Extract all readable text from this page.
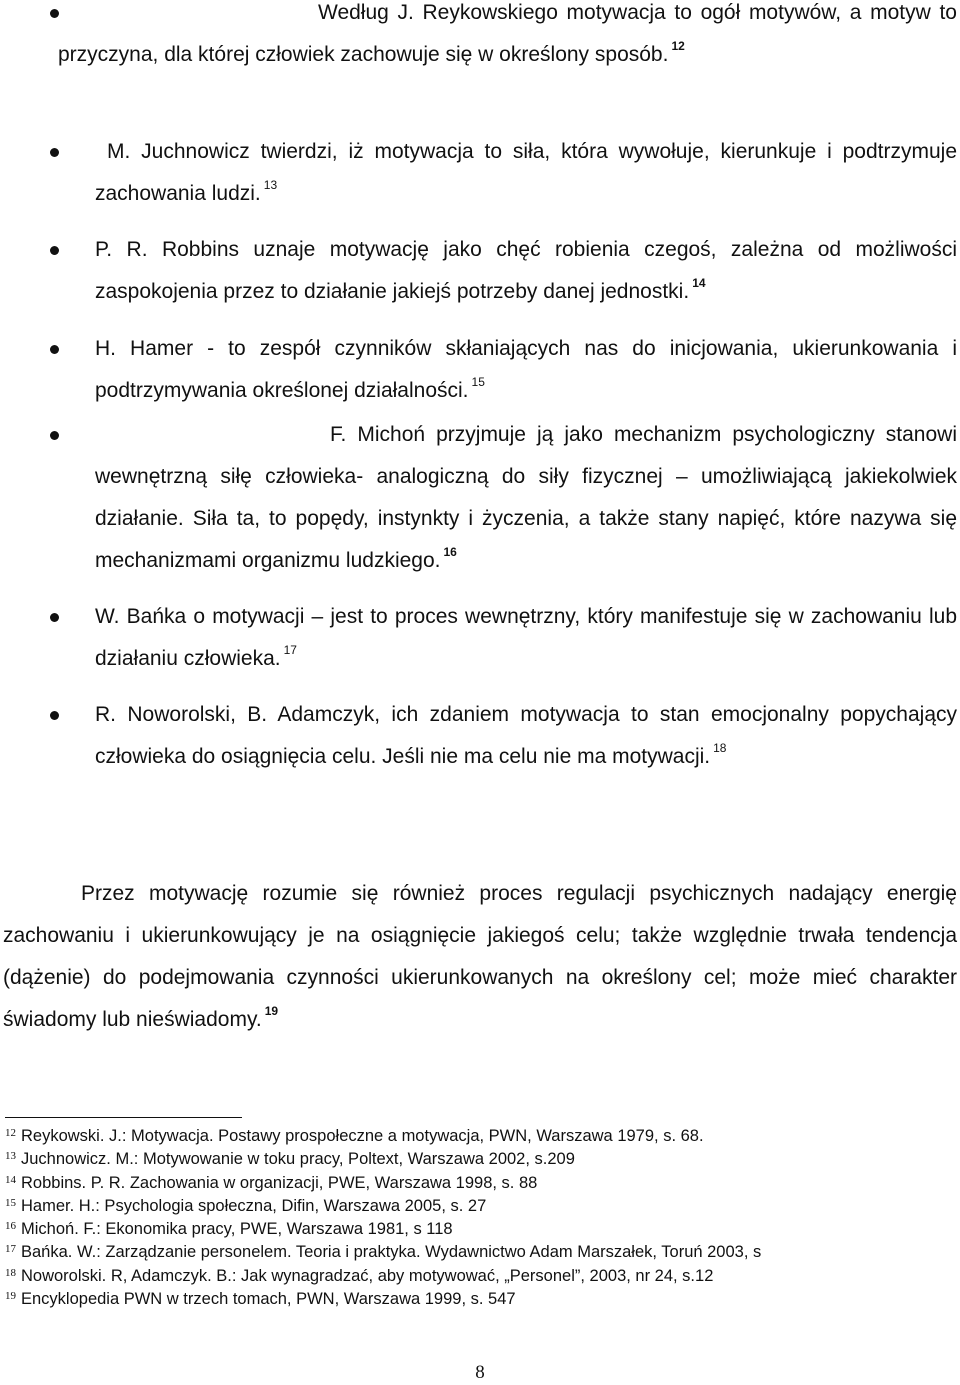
Według J. Reykowskiego motywacja to ogół motywów, a motyw to przyczyna, dla której człowiek zachowuje się w określony sposób. $^{12}$
M. Juchnowicz twierdzi, iż motywacja to siła, która wywołuje, kierunkuje i podtrzymuje zachowania ludzi. $^{13}$
P. R. Robbins uznaje motywację jako chęć robienia czegoś, zależna od możliwości zaspokojenia przez to działanie jakiejś potrzeby danej jednostki. $^{14}$
H. Hamer - to zespół czynników skłaniających nas do inicjowania, ukierunkowania i podtrzymywania określonej działalności. $^{15}$
F. Michoń przyjmuje ją jako mechanizm psychologiczny stanowi wewnętrzną siłę człowieka- analogiczną do siły fizycznej – umożliwiającą jakiekolwiek działanie. Siła ta, to popędy, instynkty i życzenia, a także stany napięć, które nazywa się mechanizmami organizmu ludzkiego. $^{16}$
W. Bańka o motywacji – jest to proces wewnętrzny, który manifestuje się w zachowaniu lub działaniu człowieka. $^{17}$
R. Noworolski, B. Adamczyk, ich zdaniem motywacja to stan emocjonalny popychający człowieka do osiągnięcia celu. Jeśli nie ma celu nie ma motywacji. $^{18}$
Przez motywację rozumie się również proces regulacji psychicznych nadający energię zachowaniu i ukierunkowujący je na osiągnięcie jakiegoś celu; także względnie trwała tendencja (dążenie) do podejmowania czynności ukierunkowanych na określony cel; może mieć charakter świadomy lub nieświadomy. $^{19}$
12 Reykowski. J.: Motywacja. Postawy prospołeczne a motywacja, PWN, Warszawa 1979, s. 68.
13 Juchnowicz. M.: Motywowanie w toku pracy, Poltext, Warszawa 2002, s.209
14 Robbins. P. R. Zachowania w organizacji, PWE, Warszawa 1998, s. 88
15 Hamer. H.: Psychologia społeczna, Difin, Warszawa 2005, s. 27
16 Michoń. F.: Ekonomika pracy, PWE, Warszawa 1981, s 118
17 Bańka. W.: Zarządzanie personelem. Teoria i praktyka. Wydawnictwo Adam Marszałek, Toruń 2003, s
18 Noworolski. R, Adamczyk. B.: Jak wynagradzać, aby motywować, „Personel”, 2003, nr 24, s.12
19 Encyklopedia PWN w trzech tomach, PWN, Warszawa 1999, s. 547
8
